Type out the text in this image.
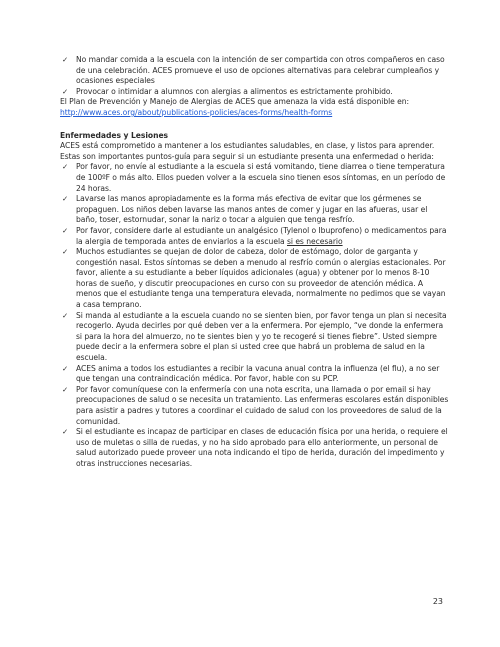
✓ No mandar comida a la escuela con la intención de ser compartida con otros compañeros en caso de una celebración. ACES promueve el uso de opciones alternativas para celebrar cumpleaños y ocasiones especiales

✓ Provocar o intimidar a alumnos con alergias a alimentos es estrictamente prohibido.

El Plan de Prevención y Manejo de Alergias de ACES que amenaza la vida está disponible en:

http://www.aces.org/about/publications-policies/aces-forms/health-forms

Enfermedades y Lesiones

ACES está comprometido a mantener a los estudiantes saludables, en clase, y listos para aprender. Estas son importantes puntos-guía para seguir si un estudiante presenta una enfermedad o herida:

✓ Por favor, no envíe al estudiante a la escuela si está vomitando, tiene diarrea o tiene temperatura de 100ºF o más alto. Ellos pueden volver a la escuela sino tienen esos síntomas, en un período de 24 horas.

✓ Lavarse las manos apropiadamente es la forma más efectiva de evitar que los gérmenes se propaguen. Los niños deben lavarse las manos antes de comer y jugar en las afueras, usar el baño, toser, estornudar, sonar la nariz o tocar a alguien que tenga resfrío.

✓ Por favor, considere darle al estudiante un analgésico (Tylenol o Ibuprofeno) o medicamentos para la alergia de temporada antes de enviarlos a la escuela si es necesario

✓ Muchos estudiantes se quejan de dolor de cabeza, dolor de estómago, dolor de garganta y congestión nasal. Estos síntomas se deben a menudo al resfrío común o alergias estacionales. Por favor, aliente a su estudiante a beber líquidos adicionales (agua) y obtener por lo menos 8-10 horas de sueño, y discutir preocupaciones en curso con su proveedor de atención médica. A menos que el estudiante tenga una temperatura elevada, normalmente no pedimos que se vayan a casa temprano.

✓ Si manda al estudiante a la escuela cuando no se sienten bien, por favor tenga un plan si necesita recogerlo. Ayuda decirles por qué deben ver a la enfermera. Por ejemplo, “ve donde la enfermera si para la hora del almuerzo, no te sientes bien y yo te recogeré si tienes fiebre”. Usted siempre puede decir a la enfermera sobre el plan si usted cree que habrá un problema de salud en la escuela.

✓ ACES anima a todos los estudiantes a recibir la vacuna anual contra la influenza (el flu), a no ser que tengan una contraindicación médica. Por favor, hable con su PCP.

✓ Por favor comuníquese con la enfermería con una nota escrita, una llamada o por email si hay preocupaciones de salud o se necesita un tratamiento. Las enfermeras escolares están disponibles para asistir a padres y tutores a coordinar el cuidado de salud con los proveedores de salud de la comunidad.

✓ Si el estudiante es incapaz de participar en clases de educación física por una herida, o requiere el uso de muletas o silla de ruedas, y no ha sido aprobado para ello anteriormente, un personal de salud autorizado puede proveer una nota indicando el tipo de herida, duración del impedimento y otras instrucciones necesarias.

23
